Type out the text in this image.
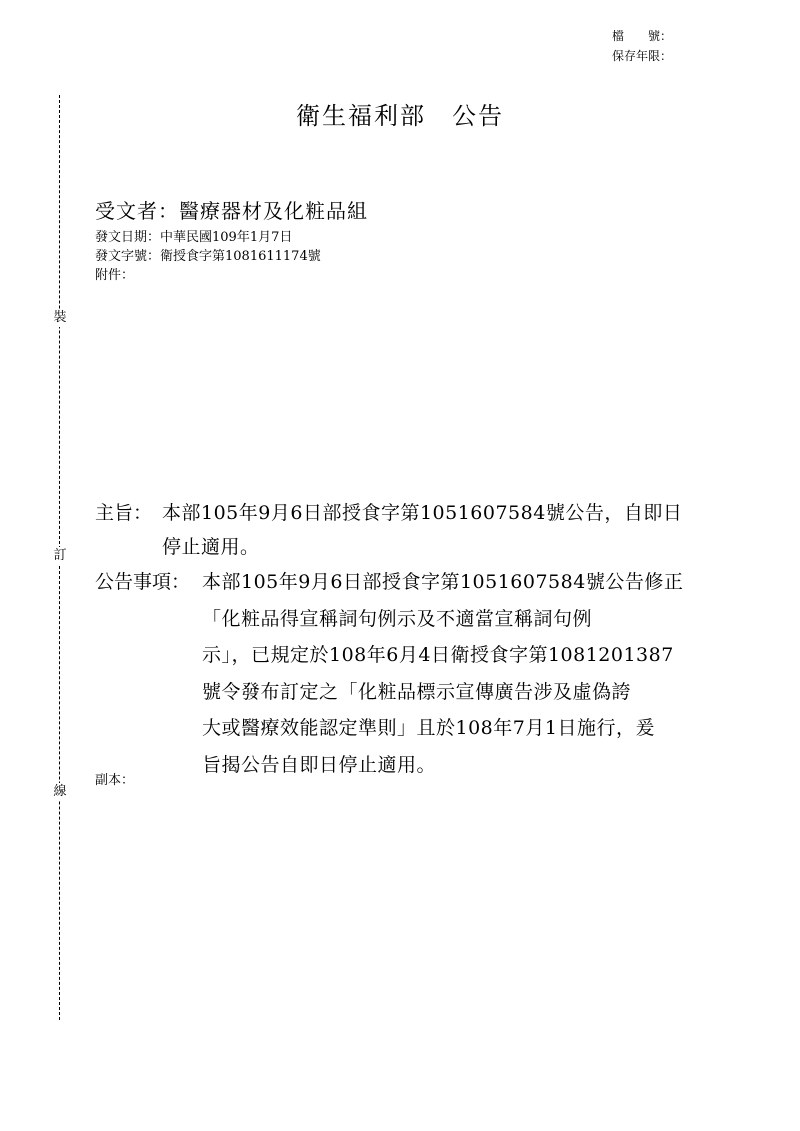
檔　　號：
保存年限：
裝
訂
線
衛生福利部　公告
受文者：醫療器材及化粧品組
發文日期：中華民國109年1月7日
發文字號：衛授食字第1081611174號
附件：
主旨： 本部105年9月6日部授食字第1051607584號公告，自即日
停止適用。
公告事項： 本部105年9月6日部授食字第1051607584號公告修正
「化粧品得宣稱詞句例示及不適當宣稱詞句例
示」，已規定於108年6月4日衛授食字第1081201387
號令發布訂定之「化粧品標示宣傳廣告涉及虛偽誇
大或醫療效能認定準則」且於108年7月1日施行，爰
旨揭公告自即日停止適用。
副本：
